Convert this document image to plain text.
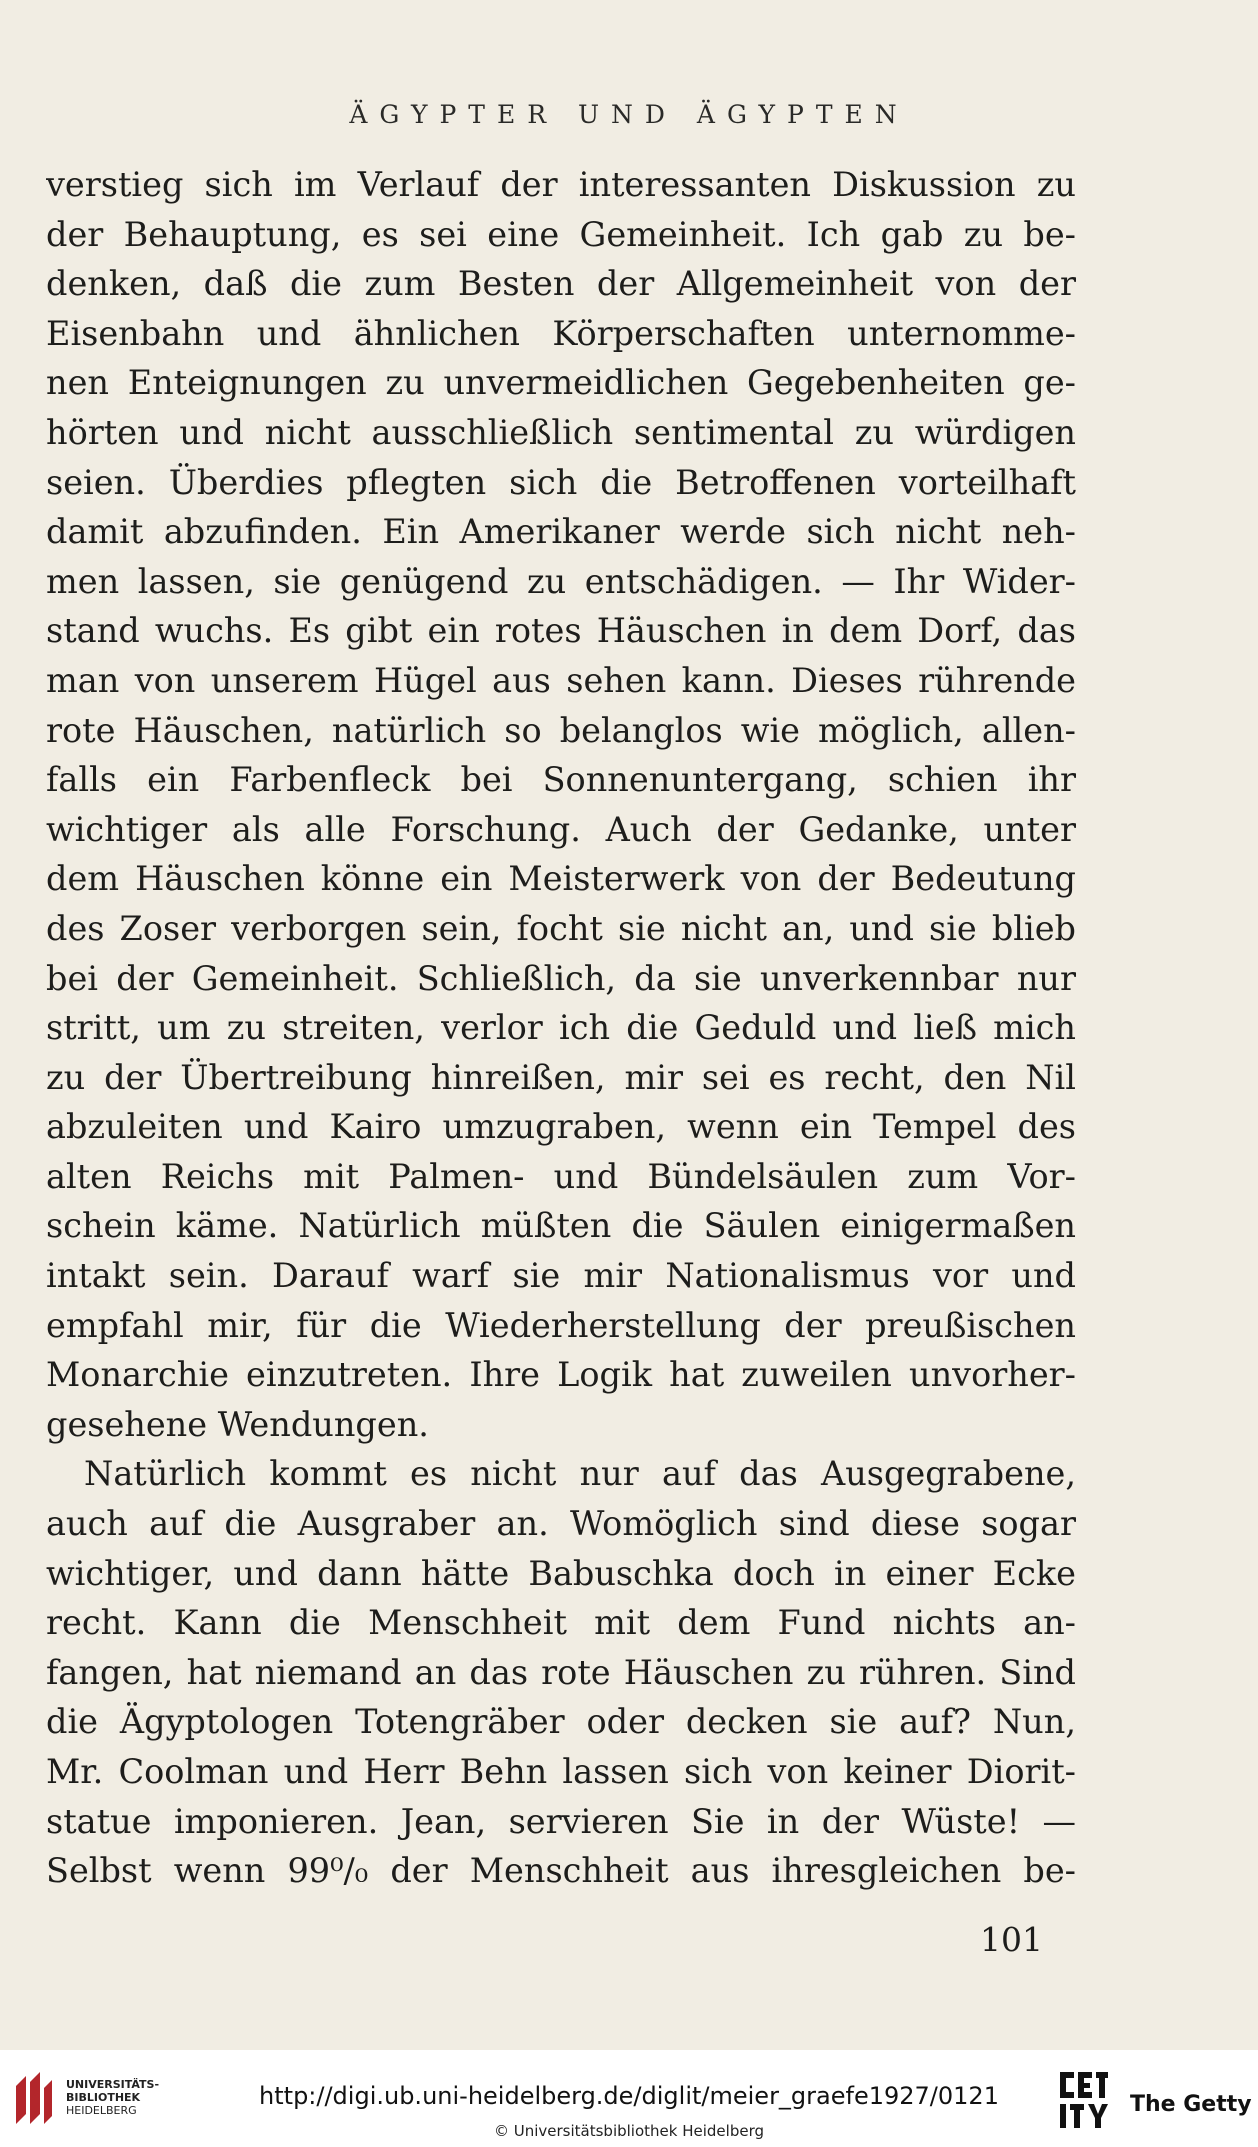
ÄGYPTER UND ÄGYPTEN
verstieg sich im Verlauf der interessanten Diskussion zu
der Behauptung, es sei eine Gemeinheit. Ich gab zu be-
denken, daß die zum Besten der Allgemeinheit von der
Eisenbahn und ähnlichen Körperschaften unternomme-
nen Enteignungen zu unvermeidlichen Gegebenheiten ge-
hörten und nicht ausschließlich sentimental zu würdigen
seien. Überdies pflegten sich die Betroffenen vorteilhaft
damit abzufinden. Ein Amerikaner werde sich nicht neh-
men lassen, sie genügend zu entschädigen. — Ihr Wider-
stand wuchs. Es gibt ein rotes Häuschen in dem Dorf, das
man von unserem Hügel aus sehen kann. Dieses rührende
rote Häuschen, natürlich so belanglos wie möglich, allen-
falls ein Farbenfleck bei Sonnenuntergang, schien ihr
wichtiger als alle Forschung. Auch der Gedanke, unter
dem Häuschen könne ein Meisterwerk von der Bedeutung
des Zoser verborgen sein, focht sie nicht an, und sie blieb
bei der Gemeinheit. Schließlich, da sie unverkennbar nur
stritt, um zu streiten, verlor ich die Geduld und ließ mich
zu der Übertreibung hinreißen, mir sei es recht, den Nil
abzuleiten und Kairo umzugraben, wenn ein Tempel des
alten Reichs mit Palmen- und Bündelsäulen zum Vor-
schein käme. Natürlich müßten die Säulen einigermaßen
intakt sein. Darauf warf sie mir Nationalismus vor und
empfahl mir, für die Wiederherstellung der preußischen
Monarchie einzutreten. Ihre Logik hat zuweilen unvorher-
gesehene Wendungen.
Natürlich kommt es nicht nur auf das Ausgegrabene,
auch auf die Ausgraber an. Womöglich sind diese sogar
wichtiger, und dann hätte Babuschka doch in einer Ecke
recht. Kann die Menschheit mit dem Fund nichts an-
fangen, hat niemand an das rote Häuschen zu rühren. Sind
die Ägyptologen Totengräber oder decken sie auf? Nun,
Mr. Coolman und Herr Behn lassen sich von keiner Diorit-
statue imponieren. Jean, servieren Sie in der Wüste! —
Selbst wenn 99⁰/₀ der Menschheit aus ihresgleichen be-
101
UNIVERSITÄTS-
BIBLIOTHEK
HEIDELBERG
http://digi.ub.uni-heidelberg.de/diglit/meier_graefe1927/0121
© Universitätsbibliothek Heidelberg
The Getty
